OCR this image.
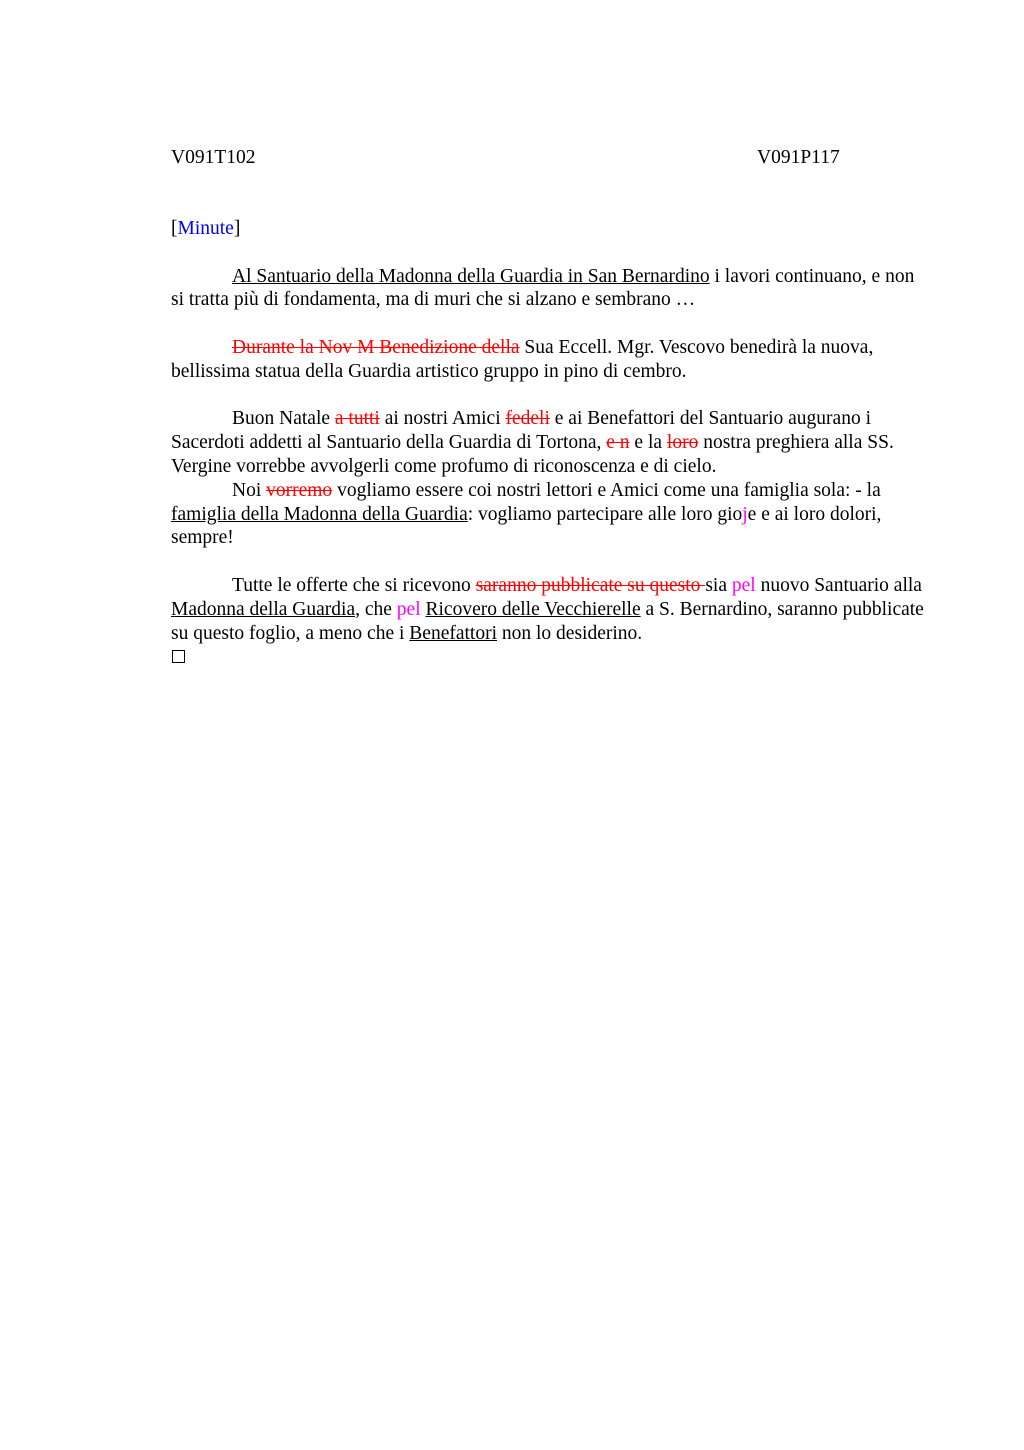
V091T102	V091P117

[Minute]

Al Santuario della Madonna della Guardia in San Bernardino i lavori continuano, e non si tratta più di fondamenta, ma di muri che si alzano e sembrano …

Durante la Nov M Benedizione della Sua Eccell. Mgr. Vescovo benedirà la nuova, bellissima statua della Guardia artistico gruppo in pino di cembro.

Buon Natale a tutti ai nostri Amici fedeli e ai Benefattori del Santuario augurano i Sacerdoti addetti al Santuario della Guardia di Tortona, e n e la loro nostra preghiera alla SS. Vergine vorrebbe avvolgerli come profumo di riconoscenza e di cielo.

Noi vorremo vogliamo essere coi nostri lettori e Amici come una famiglia sola: - la famiglia della Madonna della Guardia: vogliamo partecipare alle loro gioje e ai loro dolori, sempre!

Tutte le offerte che si ricevono saranno pubblicate su questo sia pel nuovo Santuario alla Madonna della Guardia, che pel Ricovero delle Vecchierelle a S. Bernardino, saranno pubblicate su questo foglio, a meno che i Benefattori non lo desiderino.
